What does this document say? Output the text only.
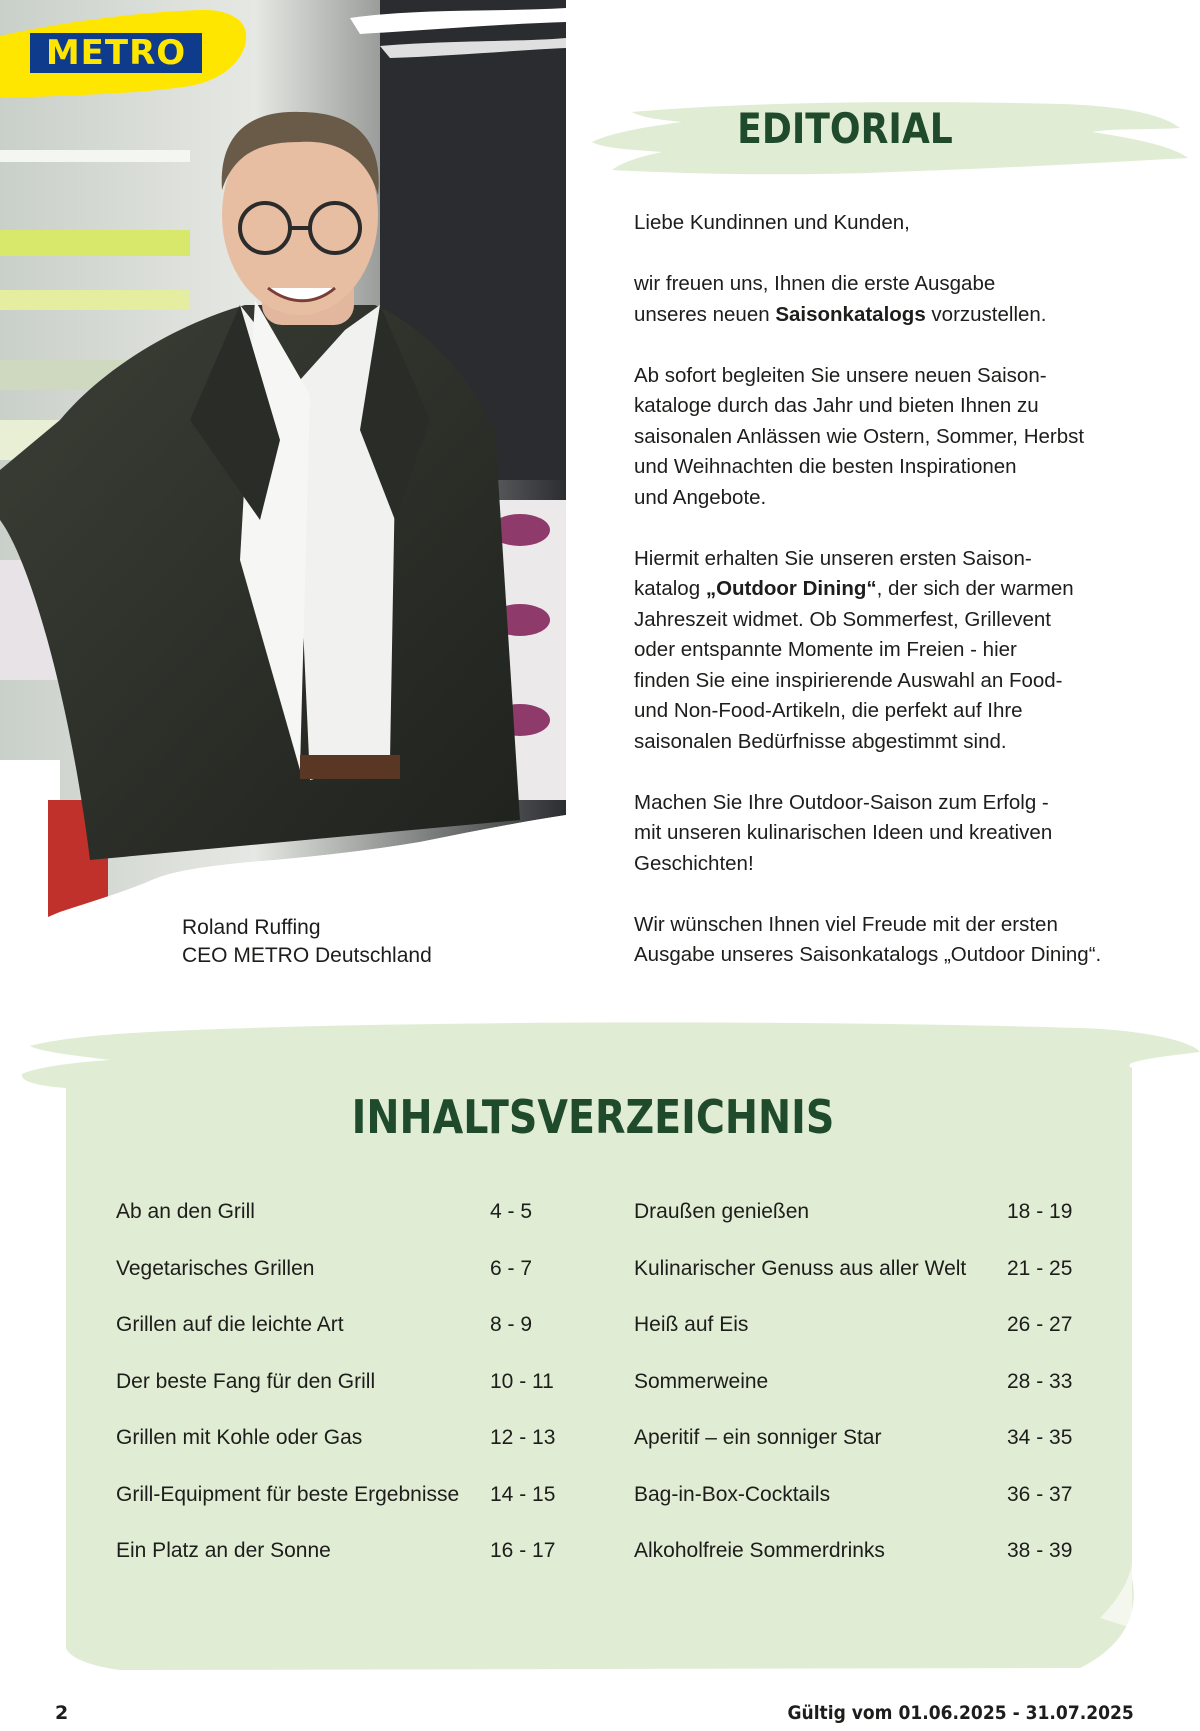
METRO
Roland Ruffing
CEO METRO Deutschland
EDITORIAL

Liebe Kundinnen und Kunden,

wir freuen uns, Ihnen die erste Ausgabe
unseres neuen Saisonkatalogs vorzustellen.

Ab sofort begleiten Sie unsere neuen Saison-
kataloge durch das Jahr und bieten Ihnen zu
saisonalen Anlässen wie Ostern, Sommer, Herbst
und Weihnachten die besten Inspirationen
und Angebote.

Hiermit erhalten Sie unseren ersten Saison-
katalog „Outdoor Dining“, der sich der warmen
Jahreszeit widmet. Ob Sommerfest, Grillevent
oder entspannte Momente im Freien - hier
finden Sie eine inspirierende Auswahl an Food-
und Non-Food-Artikeln, die perfekt auf Ihre
saisonalen Bedürfnisse abgestimmt sind.

Machen Sie Ihre Outdoor-Saison zum Erfolg -
mit unseren kulinarischen Ideen und kreativen
Geschichten!

Wir wünschen Ihnen viel Freude mit der ersten
Ausgabe unseres Saisonkatalogs „Outdoor Dining“.

INHALTSVERZEICHNIS
Ab an den Grill	4 - 5
Vegetarisches Grillen	6 - 7
Grillen auf die leichte Art	8 - 9
Der beste Fang für den Grill	10 - 11
Grillen mit Kohle oder Gas	12 - 13
Grill-Equipment für beste Ergebnisse 14 - 15
Ein Platz an der Sonne	16 - 17
Draußen genießen	18 - 19
Kulinarischer Genuss aus aller Welt 21 - 25
Heiß auf Eis	26 - 27
Sommerweine	28 - 33
Aperitif – ein sonniger Star	34 - 35
Bag-in-Box-Cocktails	36 - 37
Alkoholfreie Sommerdrinks	38 - 39
2	Gültig vom 01.06.2025 - 31.07.2025
